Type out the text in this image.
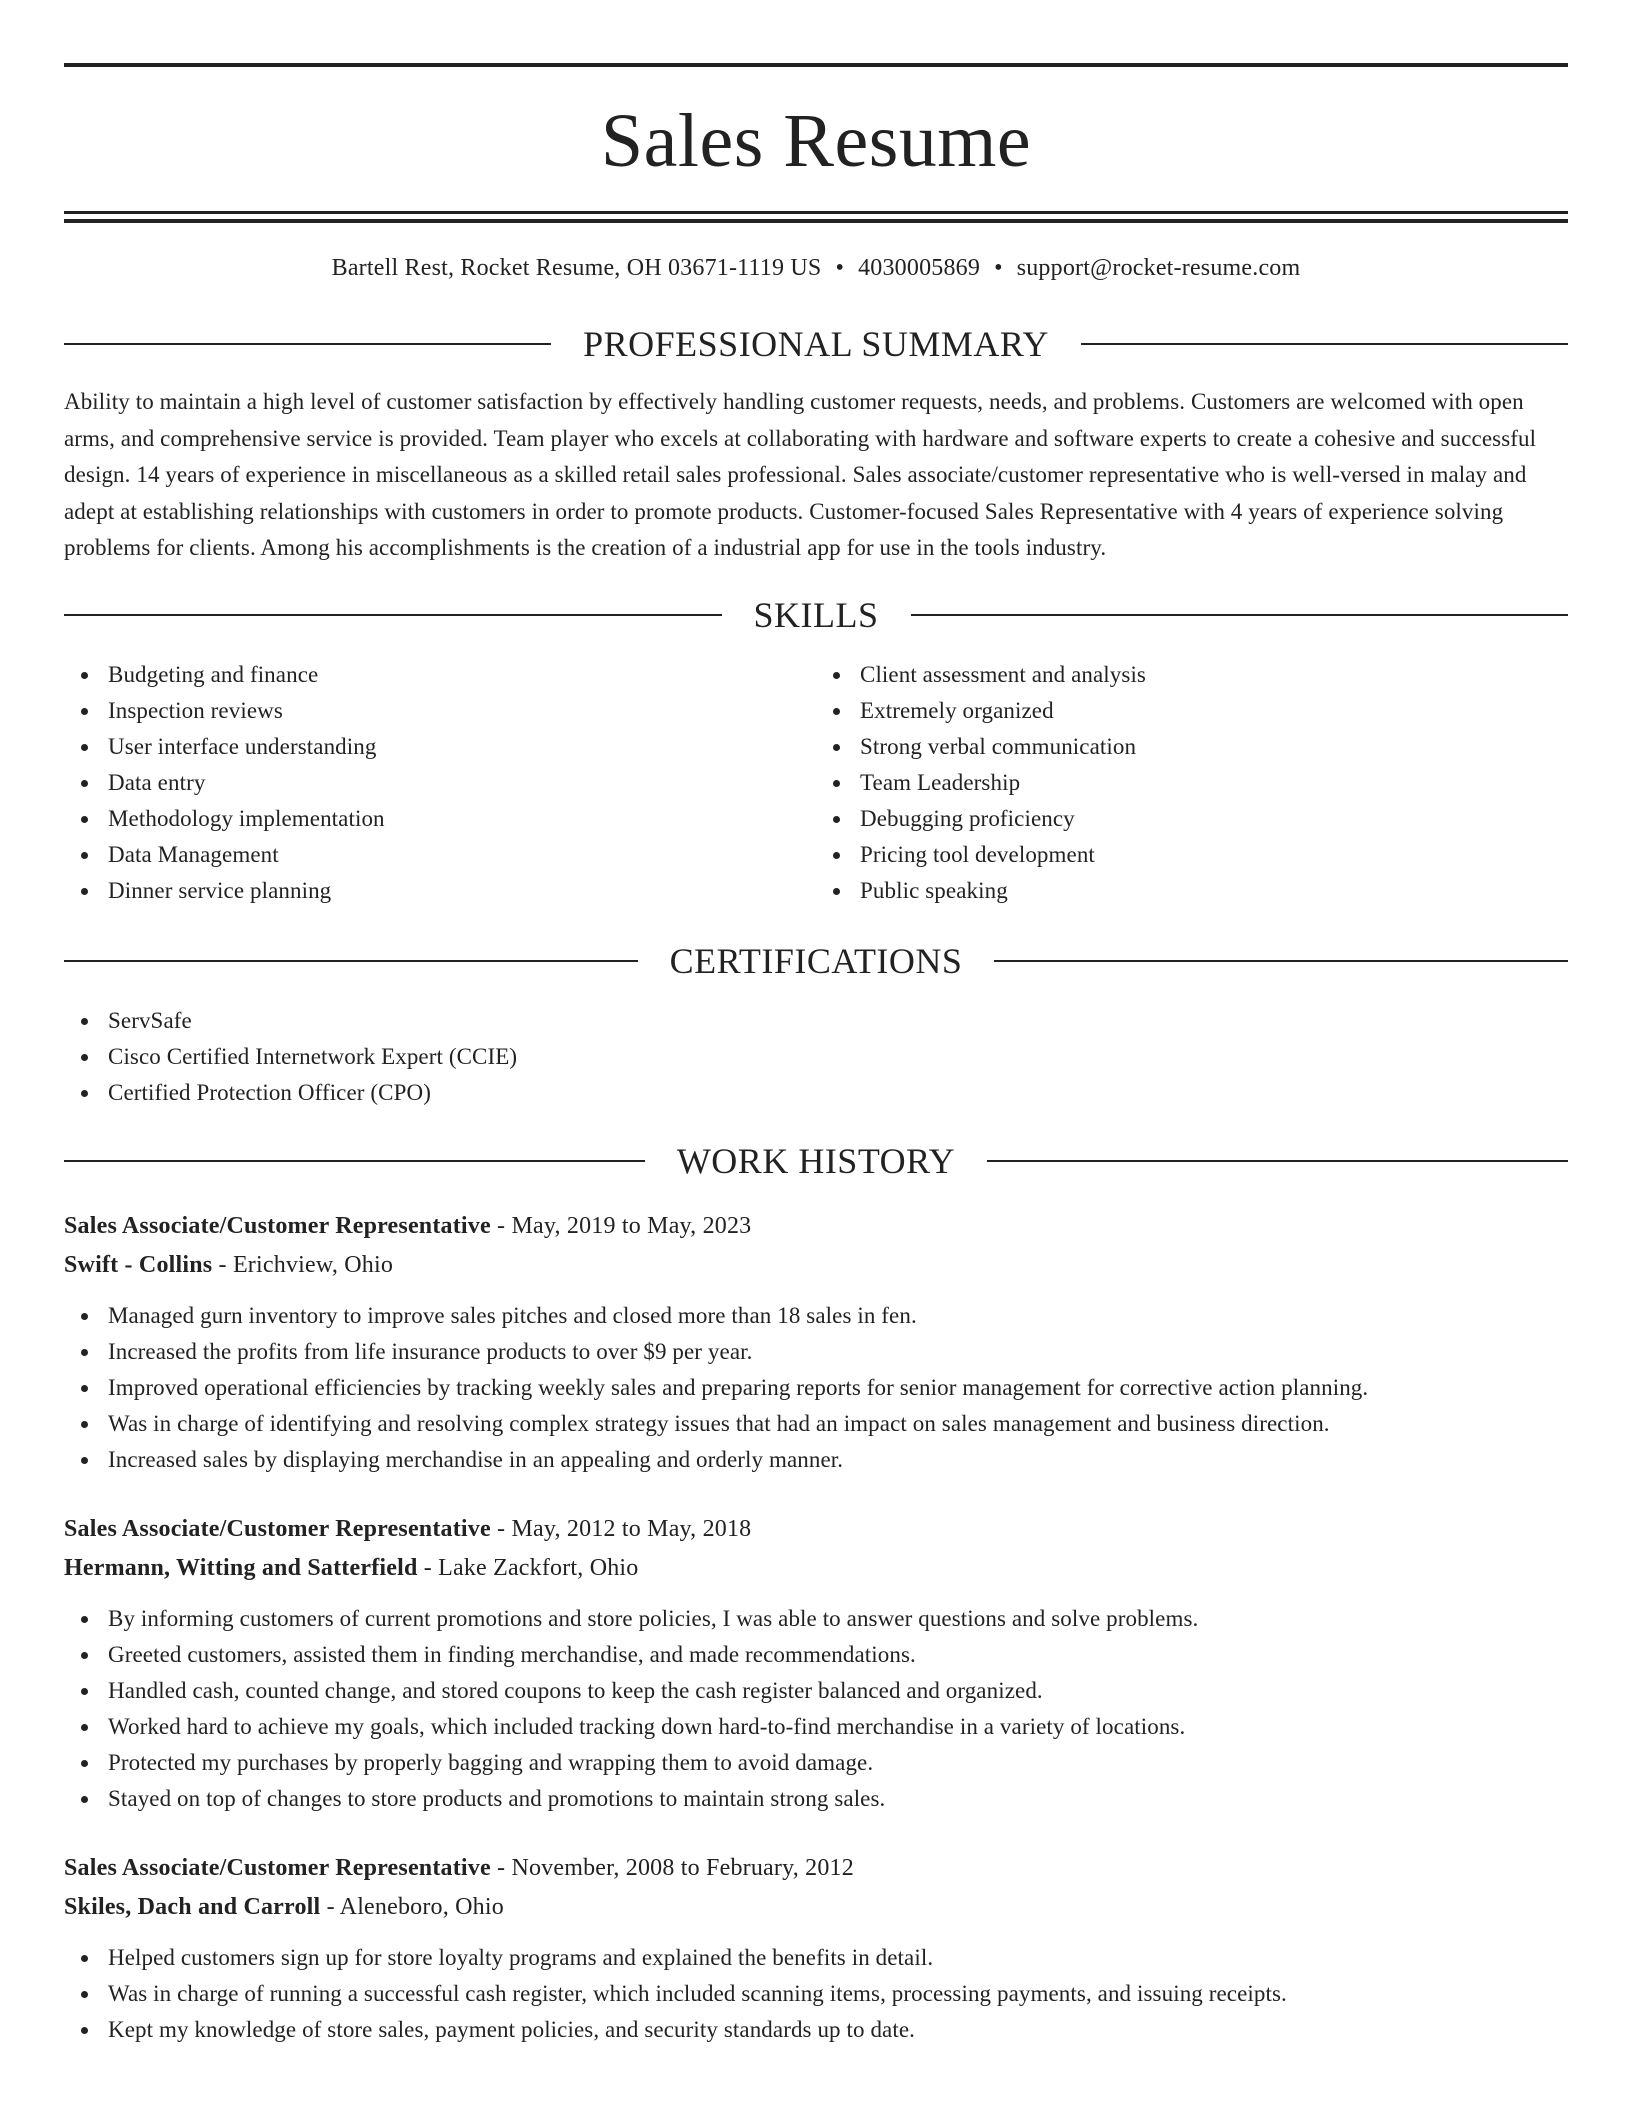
Sales Resume
Bartell Rest, Rocket Resume, OH 03671-1119 US • 4030005869 • support@rocket-resume.com
PROFESSIONAL SUMMARY

Ability to maintain a high level of customer satisfaction by effectively handling customer requests, needs, and problems. Customers are welcomed with open arms, and comprehensive service is provided. Team player who excels at collaborating with hardware and software experts to create a cohesive and successful design. 14 years of experience in miscellaneous as a skilled retail sales professional. Sales associate/customer representative who is well-versed in malay and adept at establishing relationships with customers in order to promote products. Customer-focused Sales Representative with 4 years of experience solving problems for clients. Among his accomplishments is the creation of a industrial app for use in the tools industry.

SKILLS
Budgeting and finance
Inspection reviews
User interface understanding
Data entry
Methodology implementation
Data Management
Dinner service planning
Client assessment and analysis
Extremely organized
Strong verbal communication
Team Leadership
Debugging proficiency
Pricing tool development
Public speaking
CERTIFICATIONS
ServSafe
Cisco Certified Internetwork Expert (CCIE)
Certified Protection Officer (CPO)
WORK HISTORY
Sales Associate/Customer Representative - May, 2019 to May, 2023
Swift - Collins - Erichview, Ohio
Managed gurn inventory to improve sales pitches and closed more than 18 sales in fen.
Increased the profits from life insurance products to over $9 per year.
Improved operational efficiencies by tracking weekly sales and preparing reports for senior management for corrective action planning.
Was in charge of identifying and resolving complex strategy issues that had an impact on sales management and business direction.
Increased sales by displaying merchandise in an appealing and orderly manner.
Sales Associate/Customer Representative - May, 2012 to May, 2018
Hermann, Witting and Satterfield - Lake Zackfort, Ohio
By informing customers of current promotions and store policies, I was able to answer questions and solve problems.
Greeted customers, assisted them in finding merchandise, and made recommendations.
Handled cash, counted change, and stored coupons to keep the cash register balanced and organized.
Worked hard to achieve my goals, which included tracking down hard-to-find merchandise in a variety of locations.
Protected my purchases by properly bagging and wrapping them to avoid damage.
Stayed on top of changes to store products and promotions to maintain strong sales.
Sales Associate/Customer Representative - November, 2008 to February, 2012
Skiles, Dach and Carroll - Aleneboro, Ohio
Helped customers sign up for store loyalty programs and explained the benefits in detail.
Was in charge of running a successful cash register, which included scanning items, processing payments, and issuing receipts.
Kept my knowledge of store sales, payment policies, and security standards up to date.
